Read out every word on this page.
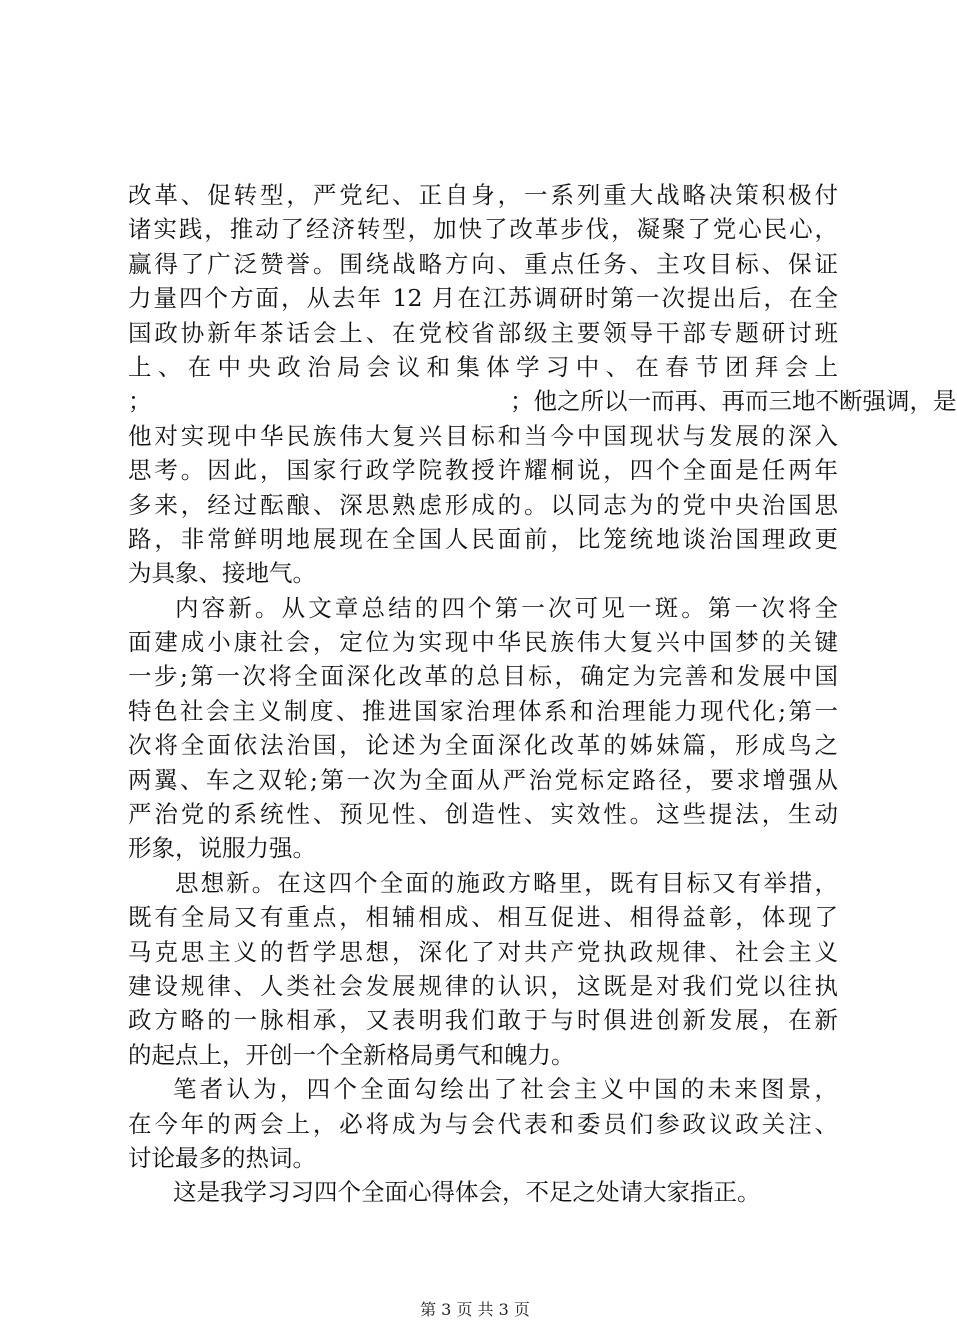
改革、促转型，严党纪、正自身，一系列重大战略决策积极付
诸实践，推动了经济转型，加快了改革步伐，凝聚了党心民心，
赢得了广泛赞誉。围绕战略方向、重点任务、主攻目标、保证
力量四个方面，从去年 12 月在江苏调研时第一次提出后，在全
国政协新年茶话会上、在党校省部级主要领导干部专题研讨班
上、在中央政治局会议和集体学习中、在春节团拜会上
；                                                ；他之所以一而再、再而三地不断强调，是
他对实现中华民族伟大复兴目标和当今中国现状与发展的深入
思考。因此，国家行政学院教授许耀桐说，四个全面是任两年
多来，经过酝酿、深思熟虑形成的。以同志为的党中央治国思
路，非常鲜明地展现在全国人民面前，比笼统地谈治国理政更
为具象、接地气。
内容新。从文章总结的四个第一次可见一斑。第一次将全
面建成小康社会，定位为实现中华民族伟大复兴中国梦的关键
一步;第一次将全面深化改革的总目标，确定为完善和发展中国
特色社会主义制度、推进国家治理体系和治理能力现代化;第一
次将全面依法治国，论述为全面深化改革的姊妹篇，形成鸟之
两翼、车之双轮;第一次为全面从严治党标定路径，要求增强从
严治党的系统性、预见性、创造性、实效性。这些提法，生动
形象，说服力强。
思想新。在这四个全面的施政方略里，既有目标又有举措，
既有全局又有重点，相辅相成、相互促进、相得益彰，体现了
马克思主义的哲学思想，深化了对共产党执政规律、社会主义
建设规律、人类社会发展规律的认识，这既是对我们党以往执
政方略的一脉相承，又表明我们敢于与时俱进创新发展，在新
的起点上，开创一个全新格局勇气和魄力。
笔者认为，四个全面勾绘出了社会主义中国的未来图景，
在今年的两会上，必将成为与会代表和委员们参政议政关注、
讨论最多的热词。
这是我学习习四个全面心得体会，不足之处请大家指正。
第 3 页 共 3 页
